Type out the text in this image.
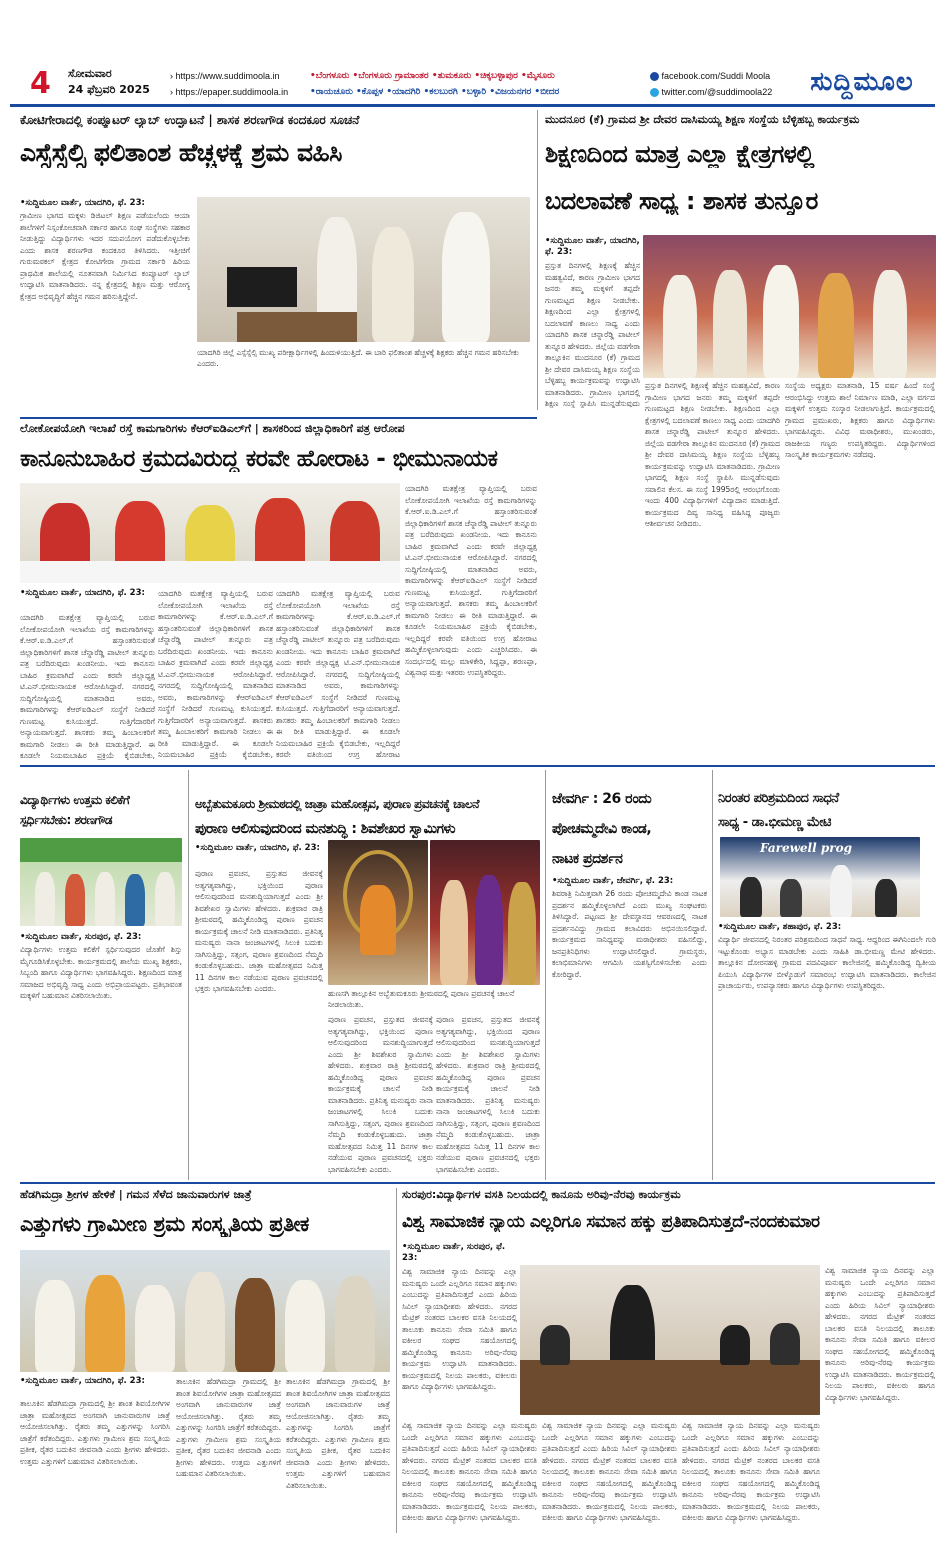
4 ಸೋಮವಾರ
24 ಫೆಬ್ರವರಿ 2025
› https://www.suddimoola.in
› https://epaper.suddimoola.in
•ಬೆಂಗಳೂರು •ಬೆಂಗಳೂರು ಗ್ರಾಮಾಂತರ •ತುಮಕೂರು •ಚಿಕ್ಕಬಳ್ಳಾಪುರ •ಮೈಸೂರು
•ರಾಯಚೂರು •ಕೊಪ್ಪಳ •ಯಾದಗಿರಿ •ಕಲಬುರಗಿ •ಬಳ್ಳಾರಿ •ವಿಜಯನಗರ •ಬೀದರ
facebook.com/Suddi Moola
twitter.com/@suddimoola22	ಸುದ್ದಿಮೂಲ
ಕೋಟಿಗೇರಾದಲ್ಲಿ ಕಂಪ್ಯೂಟರ್ ಲ್ಯಾಬ್ ಉದ್ಘಾಟನೆ | ಶಾಸಕ ಶರಣಗೌಡ ಕಂದಕೂರ ಸೂಚನೆ
ಎಸ್ಸೆಸ್ಸೆಲ್ಸಿ ಫಲಿತಾಂಶ ಹೆಚ್ಚಳಕ್ಕೆ ಶ್ರಮ ವಹಿಸಿ
•ಸುದ್ದಿಮೂಲ ವಾರ್ತೆ, ಯಾದಗಿರಿ, ಫೆ. 23:
ಗ್ರಾಮೀಣ ಭಾಗದ ಮಕ್ಕಳು ಡಿಜಿಟಲ್ ಶಿಕ್ಷಣ ಪಡೆಯಲೆಂದು ಆಯಾ ಶಾಲೆಗಳಿಗೆ ನಿಸ್ಸಂಕೋಚವಾಗಿ ಸರ್ಕಾರ ಹಾಗೂ ಸಂಘ ಸಂಸ್ಥೆಗಳು ಸಹಕಾರ ನೀಡುತ್ತಿದ್ದು ವಿದ್ಯಾರ್ಥಿಗಳು ಇದರ ಸದುಪಯೋಗ ಪಡೆದುಕೊಳ್ಳಬೇಕು ಎಂದು ಶಾಸಕ ಶರಣಗೌಡ ಕಂದಕೂರ ತಿಳಿಸಿದರು. ಇತ್ತೀಚಿಗೆ ಗುರುಮಠಕಲ್ ಕ್ಷೇತ್ರದ ಕೋಟಿಗೇರಾ ಗ್ರಾಮದ ಸರ್ಕಾರಿ ಹಿರಿಯ ಪ್ರಾಥಮಿಕ ಶಾಲೆಯಲ್ಲಿ ನೂತನವಾಗಿ ನಿರ್ಮಿಸಿದ ಕಂಪ್ಯೂಟರ್ ಲ್ಯಾಬ್ ಉದ್ಘಾಟಿಸಿ ಮಾತನಾಡಿದರು. ನನ್ನ ಕ್ಷೇತ್ರದಲ್ಲಿ ಶಿಕ್ಷಣ ಮತ್ತು ಆರೋಗ್ಯ ಕ್ಷೇತ್ರದ ಅಭಿವೃದ್ಧಿಗೆ ಹೆಚ್ಚಿನ ಗಮನ ಹರಿಸುತ್ತಿದ್ದೇನೆ.
ಯಾದಗಿರಿ ಜಿಲ್ಲೆ ಎಸ್ಸೆಸ್ಸೆಲ್ಸಿ ಮುಖ್ಯ ಪರೀಕ್ಷಾರ್ಥಿಗಳಲ್ಲಿ ಹಿಂದುಳಿಯುತ್ತಿದೆ. ಈ ಬಾರಿ ಫಲಿತಾಂಶ ಹೆಚ್ಚಳಕ್ಕೆ ಶಿಕ್ಷಕರು ಹೆಚ್ಚಿನ ಗಮನ ಹರಿಸಬೇಕು ಎಂದರು.
ಮುದನೂರ (ಕೆ) ಗ್ರಾಮದ ಶ್ರೀ ದೇವರ ದಾಸಿಮಯ್ಯ ಶಿಕ್ಷಣ ಸಂಸ್ಥೆಯ ಬೆಳ್ಳಿಹಬ್ಬ ಕಾರ್ಯಕ್ರಮ
ಶಿಕ್ಷಣದಿಂದ ಮಾತ್ರ ಎಲ್ಲಾ ಕ್ಷೇತ್ರಗಳಲ್ಲಿ
ಬದಲಾವಣೆ ಸಾಧ್ಯ : ಶಾಸಕ ತುನ್ನೂರ
•ಸುದ್ದಿಮೂಲ ವಾರ್ತೆ, ಯಾದಗಿರಿ, ಫೆ. 23:
ಪ್ರಸ್ತುತ ದಿನಗಳಲ್ಲಿ ಶಿಕ್ಷಣಕ್ಕೆ ಹೆಚ್ಚಿನ ಮಹತ್ವವಿದೆ, ಕಾರಣ ಗ್ರಾಮೀಣ ಭಾಗದ ಜನರು ತಮ್ಮ ಮಕ್ಕಳಿಗೆ ತಪ್ಪದೇ ಗುಣಮಟ್ಟದ ಶಿಕ್ಷಣ ನೀಡಬೇಕು. ಶಿಕ್ಷಣದಿಂದ ಎಲ್ಲಾ ಕ್ಷೇತ್ರಗಳಲ್ಲಿ ಬದಲಾವಣೆ ಕಾಣಲು ಸಾಧ್ಯ ಎಂದು ಯಾದಗಿರಿ ಶಾಸಕ ಚನ್ನಾರೆಡ್ಡಿ ಪಾಟೀಲ್ ತುನ್ನೂರ ಹೇಳಿದರು. ಜಿಲ್ಲೆಯ ವಡಗೇರಾ ತಾಲ್ಲೂಕಿನ ಮುದನೂರ (ಕೆ) ಗ್ರಾಮದ ಶ್ರೀ ದೇವರ ದಾಸಿಮಯ್ಯ ಶಿಕ್ಷಣ ಸಂಸ್ಥೆಯ ಬೆಳ್ಳಿಹಬ್ಬ ಕಾರ್ಯಕ್ರಮವನ್ನು ಉದ್ಘಾಟಿಸಿ ಮಾತನಾಡಿದರು. ಗ್ರಾಮೀಣ ಭಾಗದಲ್ಲಿ ಶಿಕ್ಷಣ ಸಂಸ್ಥೆ ಸ್ಥಾಪಿಸಿ ಮುನ್ನಡೆಸುವುದು
ಪ್ರಸ್ತುತ ದಿನಗಳಲ್ಲಿ ಶಿಕ್ಷಣಕ್ಕೆ ಹೆಚ್ಚಿನ ಮಹತ್ವವಿದೆ, ಕಾರಣ ಗ್ರಾಮೀಣ ಭಾಗದ ಜನರು ತಮ್ಮ ಮಕ್ಕಳಿಗೆ ತಪ್ಪದೇ ಗುಣಮಟ್ಟದ ಶಿಕ್ಷಣ ನೀಡಬೇಕು. ಶಿಕ್ಷಣದಿಂದ ಎಲ್ಲಾ ಕ್ಷೇತ್ರಗಳಲ್ಲಿ ಬದಲಾವಣೆ ಕಾಣಲು ಸಾಧ್ಯ ಎಂದು ಯಾದಗಿರಿ ಶಾಸಕ ಚನ್ನಾರೆಡ್ಡಿ ಪಾಟೀಲ್ ತುನ್ನೂರ ಹೇಳಿದರು. ಜಿಲ್ಲೆಯ ವಡಗೇರಾ ತಾಲ್ಲೂಕಿನ ಮುದನೂರ (ಕೆ) ಗ್ರಾಮದ ಶ್ರೀ ದೇವರ ದಾಸಿಮಯ್ಯ ಶಿಕ್ಷಣ ಸಂಸ್ಥೆಯ ಬೆಳ್ಳಿಹಬ್ಬ ಕಾರ್ಯಕ್ರಮವನ್ನು ಉದ್ಘಾಟಿಸಿ ಮಾತನಾಡಿದರು. ಗ್ರಾಮೀಣ ಭಾಗದಲ್ಲಿ ಶಿಕ್ಷಣ ಸಂಸ್ಥೆ ಸ್ಥಾಪಿಸಿ ಮುನ್ನಡೆಸುವುದು ಸವಾಲಿನ ಕೆಲಸ. ಈ ಸಂಸ್ಥೆ 1995ರಲ್ಲಿ ಆರಂಭಗೊಂಡು ಇಂದು 400 ವಿದ್ಯಾರ್ಥಿಗಳಿಗೆ ವಿದ್ಯಾದಾನ ಮಾಡುತ್ತಿದೆ. ಕಾರ್ಯಕ್ರಮದ ದಿವ್ಯ ಸಾನಿಧ್ಯ ವಹಿಸಿದ್ದ ಪೂಜ್ಯರು ಆಶೀರ್ವಚನ ನೀಡಿದರು.
ಸಂಸ್ಥೆಯ ಅಧ್ಯಕ್ಷರು ಮಾತನಾಡಿ, 15 ವರ್ಷ ಹಿಂದೆ ಸಂಸ್ಥೆ ಆರಂಭಿಸಿದ್ದು ಉತ್ತಮ ಶಾಲೆ ನಿರ್ಮಾಣ ಮಾಡಿ, ಎಲ್ಲಾ ವರ್ಗದ ಮಕ್ಕಳಿಗೆ ಉತ್ತಮ ಸಂಸ್ಕಾರ ನೀಡಲಾಗುತ್ತಿದೆ. ಕಾರ್ಯಕ್ರಮದಲ್ಲಿ ಗ್ರಾಮದ ಪ್ರಮುಖರು, ಶಿಕ್ಷಕರು ಹಾಗೂ ವಿದ್ಯಾರ್ಥಿಗಳು ಭಾಗವಹಿಸಿದ್ದರು. ವಿವಿಧ ಮಠಾಧೀಶರು, ಮುಖಂಡರು, ರಾಜಕೀಯ ಗಣ್ಯರು ಉಪಸ್ಥಿತರಿದ್ದರು. ವಿದ್ಯಾರ್ಥಿಗಳಿಂದ ಸಾಂಸ್ಕೃತಿಕ ಕಾರ್ಯಕ್ರಮಗಳು ನಡೆದವು.
ಲೋಕೋಪಯೋಗಿ ಇಲಾಖೆ ರಸ್ತೆ ಕಾಮಗಾರಿಗಳು ಕೆಆರ್‌ಐಡಿಎಲ್‌ಗೆ | ಶಾಸಕರಿಂದ ಜಿಲ್ಲಾಧಿಕಾರಿಗೆ ಪತ್ರ ಆರೋಪ
ಕಾನೂನುಬಾಹಿರ ಕ್ರಮದವಿರುದ್ಧ ಕರವೇ ಹೋರಾಟ - ಭೀಮುನಾಯಕ
•ಸುದ್ದಿಮೂಲ ವಾರ್ತೆ, ಯಾದಗಿರಿ, ಫೆ. 23:
ಯಾದಗಿರಿ ಮತಕ್ಷೇತ್ರ ವ್ಯಾಪ್ತಿಯಲ್ಲಿ ಬರುವ ಲೋಕೋಪಯೋಗಿ ಇಲಾಖೆಯ ರಸ್ತೆ ಕಾಮಗಾರಿಗಳನ್ನು ಕೆ.ಆರ್.ಐ.ಡಿ.ಎಲ್.ಗೆ ಹಸ್ತಾಂತರಿಸುವಂತೆ ಜಿಲ್ಲಾಧಿಕಾರಿಗಳಿಗೆ ಶಾಸಕ ಚೆನ್ನಾರೆಡ್ಡಿ ಪಾಟೀಲ್ ತುನ್ನೂರು ಪತ್ರ ಬರೆದಿರುವುದು ಖಂಡನೀಯ. ಇದು ಕಾನೂನು ಬಾಹಿರ ಕ್ರಮವಾಗಿದೆ ಎಂದು ಕರವೇ ಜಿಲ್ಲಾಧ್ಯಕ್ಷ ಟಿ.ಎನ್.ಭೀಮುನಾಯಕ ಆರೋಪಿಸಿದ್ದಾರೆ. ನಗರದಲ್ಲಿ ಸುದ್ದಿಗೋಷ್ಠಿಯಲ್ಲಿ ಮಾತನಾಡಿದ ಅವರು, ಕಾಮಗಾರಿಗಳನ್ನು ಕೆಆರ್‌ಐಡಿಎಲ್ ಸಂಸ್ಥೆಗೆ ನೀಡಿದರೆ ಗುಣಮಟ್ಟ ಕುಸಿಯುತ್ತದೆ. ಗುತ್ತಿಗೆದಾರರಿಗೆ ಅನ್ಯಾಯವಾಗುತ್ತದೆ. ಶಾಸಕರು ತಮ್ಮ ಹಿಂಬಾಲಕರಿಗೆ ಕಾಮಗಾರಿ ನೀಡಲು ಈ ರೀತಿ ಮಾಡುತ್ತಿದ್ದಾರೆ. ಈ ಕೂಡಲೇ ನಿಯಮಬಾಹಿರ ಪ್ರಕ್ರಿಯೆ ಕೈಬಿಡಬೇಕು,
ಯಾದಗಿರಿ ಮತಕ್ಷೇತ್ರ ವ್ಯಾಪ್ತಿಯಲ್ಲಿ ಬರುವ ಲೋಕೋಪಯೋಗಿ ಇಲಾಖೆಯ ರಸ್ತೆ ಕಾಮಗಾರಿಗಳನ್ನು ಕೆ.ಆರ್.ಐ.ಡಿ.ಎಲ್.ಗೆ ಹಸ್ತಾಂತರಿಸುವಂತೆ ಜಿಲ್ಲಾಧಿಕಾರಿಗಳಿಗೆ ಶಾಸಕ ಚೆನ್ನಾರೆಡ್ಡಿ ಪಾಟೀಲ್ ತುನ್ನೂರು ಪತ್ರ ಬರೆದಿರುವುದು ಖಂಡನೀಯ. ಇದು ಕಾನೂನು ಬಾಹಿರ ಕ್ರಮವಾಗಿದೆ ಎಂದು ಕರವೇ ಜಿಲ್ಲಾಧ್ಯಕ್ಷ ಟಿ.ಎನ್.ಭೀಮುನಾಯಕ ಆರೋಪಿಸಿದ್ದಾರೆ. ನಗರದಲ್ಲಿ ಸುದ್ದಿಗೋಷ್ಠಿಯಲ್ಲಿ ಮಾತನಾಡಿದ ಅವರು, ಕಾಮಗಾರಿಗಳನ್ನು ಕೆಆರ್‌ಐಡಿಎಲ್ ಸಂಸ್ಥೆಗೆ ನೀಡಿದರೆ ಗುಣಮಟ್ಟ ಕುಸಿಯುತ್ತದೆ. ಗುತ್ತಿಗೆದಾರರಿಗೆ ಅನ್ಯಾಯವಾಗುತ್ತದೆ. ಶಾಸಕರು ತಮ್ಮ ಹಿಂಬಾಲಕರಿಗೆ ಕಾಮಗಾರಿ ನೀಡಲು ಈ ರೀತಿ ಮಾಡುತ್ತಿದ್ದಾರೆ. ಈ ಕೂಡಲೇ ನಿಯಮಬಾಹಿರ ಪ್ರಕ್ರಿಯೆ ಕೈಬಿಡಬೇಕು,
ಯಾದಗಿರಿ ಮತಕ್ಷೇತ್ರ ವ್ಯಾಪ್ತಿಯಲ್ಲಿ ಬರುವ ಲೋಕೋಪಯೋಗಿ ಇಲಾಖೆಯ ರಸ್ತೆ ಕಾಮಗಾರಿಗಳನ್ನು ಕೆ.ಆರ್.ಐ.ಡಿ.ಎಲ್.ಗೆ ಹಸ್ತಾಂತರಿಸುವಂತೆ ಜಿಲ್ಲಾಧಿಕಾರಿಗಳಿಗೆ ಶಾಸಕ ಚೆನ್ನಾರೆಡ್ಡಿ ಪಾಟೀಲ್ ತುನ್ನೂರು ಪತ್ರ ಬರೆದಿರುವುದು ಖಂಡನೀಯ. ಇದು ಕಾನೂನು ಬಾಹಿರ ಕ್ರಮವಾಗಿದೆ ಎಂದು ಕರವೇ ಜಿಲ್ಲಾಧ್ಯಕ್ಷ ಟಿ.ಎನ್.ಭೀಮುನಾಯಕ ಆರೋಪಿಸಿದ್ದಾರೆ. ನಗರದಲ್ಲಿ ಸುದ್ದಿಗೋಷ್ಠಿಯಲ್ಲಿ ಮಾತನಾಡಿದ ಅವರು, ಕಾಮಗಾರಿಗಳನ್ನು ಕೆಆರ್‌ಐಡಿಎಲ್ ಸಂಸ್ಥೆಗೆ ನೀಡಿದರೆ ಗುಣಮಟ್ಟ ಕುಸಿಯುತ್ತದೆ. ಗುತ್ತಿಗೆದಾರರಿಗೆ ಅನ್ಯಾಯವಾಗುತ್ತದೆ. ಶಾಸಕರು ತಮ್ಮ ಹಿಂಬಾಲಕರಿಗೆ ಕಾಮಗಾರಿ ನೀಡಲು ಈ ರೀತಿ ಮಾಡುತ್ತಿದ್ದಾರೆ. ಈ ಕೂಡಲೇ ನಿಯಮಬಾಹಿರ ಪ್ರಕ್ರಿಯೆ ಕೈಬಿಡಬೇಕು, ಇಲ್ಲದಿದ್ದರೆ ಕರವೇ ವತಿಯಿಂದ ಉಗ್ರ ಹೋರಾಟ
ಯಾದಗಿರಿ ಮತಕ್ಷೇತ್ರ ವ್ಯಾಪ್ತಿಯಲ್ಲಿ ಬರುವ ಲೋಕೋಪಯೋಗಿ ಇಲಾಖೆಯ ರಸ್ತೆ ಕಾಮಗಾರಿಗಳನ್ನು ಕೆ.ಆರ್.ಐ.ಡಿ.ಎಲ್.ಗೆ ಹಸ್ತಾಂತರಿಸುವಂತೆ ಜಿಲ್ಲಾಧಿಕಾರಿಗಳಿಗೆ ಶಾಸಕ ಚೆನ್ನಾರೆಡ್ಡಿ ಪಾಟೀಲ್ ತುನ್ನೂರು ಪತ್ರ ಬರೆದಿರುವುದು ಖಂಡನೀಯ. ಇದು ಕಾನೂನು ಬಾಹಿರ ಕ್ರಮವಾಗಿದೆ ಎಂದು ಕರವೇ ಜಿಲ್ಲಾಧ್ಯಕ್ಷ ಟಿ.ಎನ್.ಭೀಮುನಾಯಕ ಆರೋಪಿಸಿದ್ದಾರೆ. ನಗರದಲ್ಲಿ ಸುದ್ದಿಗೋಷ್ಠಿಯಲ್ಲಿ ಮಾತನಾಡಿದ ಅವರು, ಕಾಮಗಾರಿಗಳನ್ನು ಕೆಆರ್‌ಐಡಿಎಲ್ ಸಂಸ್ಥೆಗೆ ನೀಡಿದರೆ ಗುಣಮಟ್ಟ ಕುಸಿಯುತ್ತದೆ. ಗುತ್ತಿಗೆದಾರರಿಗೆ ಅನ್ಯಾಯವಾಗುತ್ತದೆ. ಶಾಸಕರು ತಮ್ಮ ಹಿಂಬಾಲಕರಿಗೆ ಕಾಮಗಾರಿ ನೀಡಲು ಈ ರೀತಿ ಮಾಡುತ್ತಿದ್ದಾರೆ. ಈ ಕೂಡಲೇ ನಿಯಮಬಾಹಿರ ಪ್ರಕ್ರಿಯೆ ಕೈಬಿಡಬೇಕು, ಇಲ್ಲದಿದ್ದರೆ ಕರವೇ ವತಿಯಿಂದ ಉಗ್ರ ಹೋರಾಟ ಹಮ್ಮಿಕೊಳ್ಳಲಾಗುವುದು ಎಂದು ಎಚ್ಚರಿಸಿದರು. ಈ ಸಂದರ್ಭದಲ್ಲಿ ಮಲ್ಲು ಮಾಳಿಕೇರಿ, ಸಿದ್ದಪ್ಪಾ, ಶರಣಪ್ಪಾ, ವಿಶ್ವನಾಥ ಮತ್ತು ಇತರರು ಉಪಸ್ಥಿತರಿದ್ದರು.
ವಿದ್ಯಾರ್ಥಿಗಳು ಉತ್ತಮ ಕಲಿಕೆಗೆ ಸ್ಪರ್ಧಿಸಬೇಕು: ಶರಣಗೌಡ
•ಸುದ್ದಿಮೂಲ ವಾರ್ತೆ, ಸುರಪುರ, ಫೆ. 23:
ವಿದ್ಯಾರ್ಥಿಗಳು ಉತ್ತಮ ಕಲಿಕೆಗೆ ಸ್ಪರ್ಧಿಸುವುದರ ಜೊತೆಗೆ ಶಿಸ್ತು ಮೈಗೂಡಿಸಿಕೊಳ್ಳಬೇಕು. ಕಾರ್ಯಕ್ರಮದಲ್ಲಿ ಶಾಲೆಯ ಮುಖ್ಯ ಶಿಕ್ಷಕರು, ಸಿಬ್ಬಂದಿ ಹಾಗೂ ವಿದ್ಯಾರ್ಥಿಗಳು ಭಾಗವಹಿಸಿದ್ದರು. ಶಿಕ್ಷಣದಿಂದ ಮಾತ್ರ ಸಮಾಜದ ಅಭಿವೃದ್ಧಿ ಸಾಧ್ಯ ಎಂದು ಅಭಿಪ್ರಾಯಪಟ್ಟರು. ಪ್ರತಿಭಾವಂತ ಮಕ್ಕಳಿಗೆ ಬಹುಮಾನ ವಿತರಿಸಲಾಯಿತು.
ಅಬ್ಬೆತುಮಕೂರು ಶ್ರೀಮಠದಲ್ಲಿ ಜಾತ್ರಾ ಮಹೋತ್ಸವ, ಪುರಾಣ ಪ್ರವಚನಕ್ಕೆ ಚಾಲನೆ
ಪುರಾಣ ಆಲಿಸುವುದರಿಂದ ಮನಶುದ್ಧಿ : ಶಿವಶೇಖರ ಸ್ವಾಮಿಗಳು
•ಸುದ್ದಿಮೂಲ ವಾರ್ತೆ, ಯಾದಗಿರಿ, ಫೆ. 23:
ಪುರಾಣ ಪ್ರವಚನ, ಪ್ರಸ್ತುತದ ಜೀವನಕ್ಕೆ ಅತ್ಯಗತ್ಯವಾಗಿದ್ದು, ಭಕ್ತಿಯಿಂದ ಪುರಾಣ ಆಲಿಸುವುದರಿಂದ ಮನಶುದ್ಧಿಯಾಗುತ್ತದೆ ಎಂದು ಶ್ರೀ ಶಿವಶೇಖರ ಸ್ವಾಮಿಗಳು ಹೇಳಿದರು. ಶುಕ್ರವಾರ ರಾತ್ರಿ ಶ್ರೀಮಠದಲ್ಲಿ ಹಮ್ಮಿಕೊಂಡಿದ್ದ ಪುರಾಣ ಪ್ರವಚನ ಕಾರ್ಯಕ್ರಮಕ್ಕೆ ಚಾಲನೆ ನೀಡಿ ಮಾತನಾಡಿದರು. ಪ್ರತಿನಿತ್ಯ ಮನುಷ್ಯರು ನಾನಾ ಜಂಜಾಟಗಳಲ್ಲಿ ಸಿಲುಕಿ ಬದುಕು ಸಾಗಿಸುತ್ತಿದ್ದು, ಸತ್ಸಂಗ, ಪುರಾಣ ಶ್ರವಣದಿಂದ ನೆಮ್ಮದಿ ಕಂಡುಕೊಳ್ಳಬಹುದು. ಜಾತ್ರಾ ಮಹೋತ್ಸವದ ನಿಮಿತ್ತ 11 ದಿನಗಳ ಕಾಲ ನಡೆಯುವ ಪುರಾಣ ಪ್ರವಚನದಲ್ಲಿ ಭಕ್ತರು ಭಾಗವಹಿಸಬೇಕು ಎಂದರು.
ಹುಣಸಗಿ ತಾಲ್ಲೂಕಿನ ಅಬ್ಬೆತುಮಕೂರು ಶ್ರೀಮಠದಲ್ಲಿ ಪುರಾಣ ಪ್ರವಚನಕ್ಕೆ ಚಾಲನೆ ನೀಡಲಾಯಿತು.
ಪುರಾಣ ಪ್ರವಚನ, ಪ್ರಸ್ತುತದ ಜೀವನಕ್ಕೆ ಅತ್ಯಗತ್ಯವಾಗಿದ್ದು, ಭಕ್ತಿಯಿಂದ ಪುರಾಣ ಆಲಿಸುವುದರಿಂದ ಮನಶುದ್ಧಿಯಾಗುತ್ತದೆ ಎಂದು ಶ್ರೀ ಶಿವಶೇಖರ ಸ್ವಾಮಿಗಳು ಹೇಳಿದರು. ಶುಕ್ರವಾರ ರಾತ್ರಿ ಶ್ರೀಮಠದಲ್ಲಿ ಹಮ್ಮಿಕೊಂಡಿದ್ದ ಪುರಾಣ ಪ್ರವಚನ ಕಾರ್ಯಕ್ರಮಕ್ಕೆ ಚಾಲನೆ ನೀಡಿ ಮಾತನಾಡಿದರು. ಪ್ರತಿನಿತ್ಯ ಮನುಷ್ಯರು ನಾನಾ ಜಂಜಾಟಗಳಲ್ಲಿ ಸಿಲುಕಿ ಬದುಕು ಸಾಗಿಸುತ್ತಿದ್ದು, ಸತ್ಸಂಗ, ಪುರಾಣ ಶ್ರವಣದಿಂದ ನೆಮ್ಮದಿ ಕಂಡುಕೊಳ್ಳಬಹುದು. ಜಾತ್ರಾ ಮಹೋತ್ಸವದ ನಿಮಿತ್ತ 11 ದಿನಗಳ ಕಾಲ ನಡೆಯುವ ಪುರಾಣ ಪ್ರವಚನದಲ್ಲಿ ಭಕ್ತರು ಭಾಗವಹಿಸಬೇಕು ಎಂದರು.
ಪುರಾಣ ಪ್ರವಚನ, ಪ್ರಸ್ತುತದ ಜೀವನಕ್ಕೆ ಅತ್ಯಗತ್ಯವಾಗಿದ್ದು, ಭಕ್ತಿಯಿಂದ ಪುರಾಣ ಆಲಿಸುವುದರಿಂದ ಮನಶುದ್ಧಿಯಾಗುತ್ತದೆ ಎಂದು ಶ್ರೀ ಶಿವಶೇಖರ ಸ್ವಾಮಿಗಳು ಹೇಳಿದರು. ಶುಕ್ರವಾರ ರಾತ್ರಿ ಶ್ರೀಮಠದಲ್ಲಿ ಹಮ್ಮಿಕೊಂಡಿದ್ದ ಪುರಾಣ ಪ್ರವಚನ ಕಾರ್ಯಕ್ರಮಕ್ಕೆ ಚಾಲನೆ ನೀಡಿ ಮಾತನಾಡಿದರು. ಪ್ರತಿನಿತ್ಯ ಮನುಷ್ಯರು ನಾನಾ ಜಂಜಾಟಗಳಲ್ಲಿ ಸಿಲುಕಿ ಬದುಕು ಸಾಗಿಸುತ್ತಿದ್ದು, ಸತ್ಸಂಗ, ಪುರಾಣ ಶ್ರವಣದಿಂದ ನೆಮ್ಮದಿ ಕಂಡುಕೊಳ್ಳಬಹುದು. ಜಾತ್ರಾ ಮಹೋತ್ಸವದ ನಿಮಿತ್ತ 11 ದಿನಗಳ ಕಾಲ ನಡೆಯುವ ಪುರಾಣ ಪ್ರವಚನದಲ್ಲಿ ಭಕ್ತರು ಭಾಗವಹಿಸಬೇಕು ಎಂದರು.
ಜೇವರ್ಗಿ : 26 ರಂದು
ಪೋಚಮ್ಮದೇವಿ ಕಾಂಡ,
ನಾಟಕ ಪ್ರದರ್ಶನ
•ಸುದ್ದಿಮೂಲ ವಾರ್ತೆ, ಜೇವರ್ಗಿ, ಫೆ. 23:
ಶಿವರಾತ್ರಿ ನಿಮಿತ್ತವಾಗಿ 26 ರಂದು ಪೋಚಮ್ಮದೇವಿ ಕಾಂಡ ನಾಟಕ ಪ್ರದರ್ಶನ ಹಮ್ಮಿಕೊಳ್ಳಲಾಗಿದೆ ಎಂದು ಮುಖ್ಯ ಸಂಘಟಕರು ತಿಳಿಸಿದ್ದಾರೆ. ಪಟ್ಟಣದ ಶ್ರೀ ದೇವಸ್ಥಾನದ ಆವರಣದಲ್ಲಿ ನಾಟಕ ಪ್ರದರ್ಶನವಿದ್ದು ಗ್ರಾಮದ ಕಲಾವಿದರು ಅಭಿನಯಿಸಲಿದ್ದಾರೆ. ಕಾರ್ಯಕ್ರಮದ ಸಾನಿಧ್ಯವನ್ನು ಮಠಾಧೀಶರು ವಹಿಸಲಿದ್ದು, ಜನಪ್ರತಿನಿಧಿಗಳು ಉದ್ಘಾಟಿಸಲಿದ್ದಾರೆ. ಗ್ರಾಮಸ್ಥರು, ಕಲಾಭಿಮಾನಿಗಳು ಆಗಮಿಸಿ ಯಶಸ್ವಿಗೊಳಿಸಬೇಕು ಎಂದು ಕೋರಿದ್ದಾರೆ.
ನಿರಂತರ ಪರಿಶ್ರಮದಿಂದ ಸಾಧನೆ
ಸಾಧ್ಯ - ಡಾ.ಭೀಮಣ್ಣ ಮೇಟಿ
Farewell prog
•ಸುದ್ದಿಮೂಲ ವಾರ್ತೆ, ಶಹಾಪುರ, ಫೆ. 23:
ವಿದ್ಯಾರ್ಥಿ ಜೀವನದಲ್ಲಿ ನಿರಂತರ ಪರಿಶ್ರಮದಿಂದ ಸಾಧನೆ ಸಾಧ್ಯ. ಆದ್ದರಿಂದ ಈಗಿನಿಂದಲೇ ಗುರಿ ಇಟ್ಟುಕೊಂಡು ಅಭ್ಯಾಸ ಮಾಡಬೇಕು ಎಂದು ಸಾಹಿತಿ ಡಾ.ಭೀಮಣ್ಣ ಮೇಟಿ ಹೇಳಿದರು. ತಾಲ್ಲೂಕಿನ ದೋರನಹಳ್ಳಿ ಗ್ರಾಮದ ಪದವಿಪೂರ್ವ ಕಾಲೇಜಿನಲ್ಲಿ ಹಮ್ಮಿಕೊಂಡಿದ್ದ ದ್ವಿತೀಯ ಪಿಯುಸಿ ವಿದ್ಯಾರ್ಥಿಗಳ ಬೀಳ್ಕೊಡುಗೆ ಸಮಾರಂಭ ಉದ್ಘಾಟಿಸಿ ಮಾತನಾಡಿದರು. ಕಾಲೇಜಿನ ಪ್ರಾಚಾರ್ಯರು, ಉಪನ್ಯಾಸಕರು ಹಾಗೂ ವಿದ್ಯಾರ್ಥಿಗಳು ಉಪಸ್ಥಿತರಿದ್ದರು.
ಹೆಡಗಿಮದ್ರಾ ಶ್ರೀಗಳ ಹೇಳಿಕೆ | ಗಮನ ಸೆಳೆದ ಜಾನುವಾರುಗಳ ಜಾತ್ರೆ
ಎತ್ತುಗಳು ಗ್ರಾಮೀಣ ಶ್ರಮ ಸಂಸ್ಕೃತಿಯ ಪ್ರತೀಕ
•ಸುದ್ದಿಮೂಲ ವಾರ್ತೆ, ಯಾದಗಿರಿ, ಫೆ. 23:
ತಾಲೂಕಿನ ಹೆಡಗಿಮದ್ರಾ ಗ್ರಾಮದಲ್ಲಿ ಶ್ರೀ ಶಾಂತ ಶಿವಯೋಗಿಗಳ ಜಾತ್ರಾ ಮಹೋತ್ಸವದ ಅಂಗವಾಗಿ ಜಾನುವಾರುಗಳ ಜಾತ್ರೆ ಆಯೋಜಿಸಲಾಗಿತ್ತು. ರೈತರು ತಮ್ಮ ಎತ್ತುಗಳನ್ನು ಸಿಂಗರಿಸಿ ಜಾತ್ರೆಗೆ ಕರೆತಂದಿದ್ದರು. ಎತ್ತುಗಳು ಗ್ರಾಮೀಣ ಶ್ರಮ ಸಂಸ್ಕೃತಿಯ ಪ್ರತೀಕ, ರೈತರ ಬದುಕಿನ ಜೀವನಾಡಿ ಎಂದು ಶ್ರೀಗಳು ಹೇಳಿದರು. ಉತ್ತಮ ಎತ್ತುಗಳಿಗೆ ಬಹುಮಾನ ವಿತರಿಸಲಾಯಿತು.
ತಾಲೂಕಿನ ಹೆಡಗಿಮದ್ರಾ ಗ್ರಾಮದಲ್ಲಿ ಶ್ರೀ ಶಾಂತ ಶಿವಯೋಗಿಗಳ ಜಾತ್ರಾ ಮಹೋತ್ಸವದ ಅಂಗವಾಗಿ ಜಾನುವಾರುಗಳ ಜಾತ್ರೆ ಆಯೋಜಿಸಲಾಗಿತ್ತು. ರೈತರು ತಮ್ಮ ಎತ್ತುಗಳನ್ನು ಸಿಂಗರಿಸಿ ಜಾತ್ರೆಗೆ ಕರೆತಂದಿದ್ದರು. ಎತ್ತುಗಳು ಗ್ರಾಮೀಣ ಶ್ರಮ ಸಂಸ್ಕೃತಿಯ ಪ್ರತೀಕ, ರೈತರ ಬದುಕಿನ ಜೀವನಾಡಿ ಎಂದು ಶ್ರೀಗಳು ಹೇಳಿದರು. ಉತ್ತಮ ಎತ್ತುಗಳಿಗೆ ಬಹುಮಾನ ವಿತರಿಸಲಾಯಿತು.
ತಾಲೂಕಿನ ಹೆಡಗಿಮದ್ರಾ ಗ್ರಾಮದಲ್ಲಿ ಶ್ರೀ ಶಾಂತ ಶಿವಯೋಗಿಗಳ ಜಾತ್ರಾ ಮಹೋತ್ಸವದ ಅಂಗವಾಗಿ ಜಾನುವಾರುಗಳ ಜಾತ್ರೆ ಆಯೋಜಿಸಲಾಗಿತ್ತು. ರೈತರು ತಮ್ಮ ಎತ್ತುಗಳನ್ನು ಸಿಂಗರಿಸಿ ಜಾತ್ರೆಗೆ ಕರೆತಂದಿದ್ದರು. ಎತ್ತುಗಳು ಗ್ರಾಮೀಣ ಶ್ರಮ ಸಂಸ್ಕೃತಿಯ ಪ್ರತೀಕ, ರೈತರ ಬದುಕಿನ ಜೀವನಾಡಿ ಎಂದು ಶ್ರೀಗಳು ಹೇಳಿದರು. ಉತ್ತಮ ಎತ್ತುಗಳಿಗೆ ಬಹುಮಾನ ವಿತರಿಸಲಾಯಿತು.
ಸುರಪುರ:ವಿದ್ಯಾರ್ಥಿಗಳ ವಸತಿ ನಿಲಯದಲ್ಲಿ ಕಾನೂನು ಅರಿವು-ನೆರವು ಕಾರ್ಯಕ್ರಮ
ವಿಶ್ವ ಸಾಮಾಜಿಕ ನ್ಯಾಯ ಎಲ್ಲರಿಗೂ ಸಮಾನ ಹಕ್ಕು ಪ್ರತಿಪಾದಿಸುತ್ತದೆ-ನಂದಕುಮಾರ
•ಸುದ್ದಿಮೂಲ ವಾರ್ತೆ, ಸುರಪುರ, ಫೆ. 23:
ವಿಶ್ವ ಸಾಮಾಜಿಕ ನ್ಯಾಯ ದಿನವನ್ನು ಎಲ್ಲಾ ಮನುಷ್ಯರು ಒಂದೇ ಎಲ್ಲರಿಗೂ ಸಮಾನ ಹಕ್ಕುಗಳು ಎಂಬುದನ್ನು ಪ್ರತಿಪಾದಿಸುತ್ತದೆ ಎಂದು ಹಿರಿಯ ಸಿವಿಲ್ ನ್ಯಾಯಾಧೀಶರು ಹೇಳಿದರು. ನಗರದ ಮೆಟ್ರಿಕ್ ನಂತರದ ಬಾಲಕರ ವಸತಿ ನಿಲಯದಲ್ಲಿ ತಾಲೂಕು ಕಾನೂನು ಸೇವಾ ಸಮಿತಿ ಹಾಗೂ ವಕೀಲರ ಸಂಘದ ಸಹಯೋಗದಲ್ಲಿ ಹಮ್ಮಿಕೊಂಡಿದ್ದ ಕಾನೂನು ಅರಿವು-ನೆರವು ಕಾರ್ಯಕ್ರಮ ಉದ್ಘಾಟಿಸಿ ಮಾತನಾಡಿದರು. ಕಾರ್ಯಕ್ರಮದಲ್ಲಿ ನಿಲಯ ಪಾಲಕರು, ವಕೀಲರು ಹಾಗೂ ವಿದ್ಯಾರ್ಥಿಗಳು ಭಾಗವಹಿಸಿದ್ದರು.
ವಿಶ್ವ ಸಾಮಾಜಿಕ ನ್ಯಾಯ ದಿನವನ್ನು ಎಲ್ಲಾ ಮನುಷ್ಯರು ಒಂದೇ ಎಲ್ಲರಿಗೂ ಸಮಾನ ಹಕ್ಕುಗಳು ಎಂಬುದನ್ನು ಪ್ರತಿಪಾದಿಸುತ್ತದೆ ಎಂದು ಹಿರಿಯ ಸಿವಿಲ್ ನ್ಯಾಯಾಧೀಶರು ಹೇಳಿದರು. ನಗರದ ಮೆಟ್ರಿಕ್ ನಂತರದ ಬಾಲಕರ ವಸತಿ ನಿಲಯದಲ್ಲಿ ತಾಲೂಕು ಕಾನೂನು ಸೇವಾ ಸಮಿತಿ ಹಾಗೂ ವಕೀಲರ ಸಂಘದ ಸಹಯೋಗದಲ್ಲಿ ಹಮ್ಮಿಕೊಂಡಿದ್ದ ಕಾನೂನು ಅರಿವು-ನೆರವು ಕಾರ್ಯಕ್ರಮ ಉದ್ಘಾಟಿಸಿ ಮಾತನಾಡಿದರು. ಕಾರ್ಯಕ್ರಮದಲ್ಲಿ ನಿಲಯ ಪಾಲಕರು, ವಕೀಲರು ಹಾಗೂ ವಿದ್ಯಾರ್ಥಿಗಳು ಭಾಗವಹಿಸಿದ್ದರು.
ವಿಶ್ವ ಸಾಮಾಜಿಕ ನ್ಯಾಯ ದಿನವನ್ನು ಎಲ್ಲಾ ಮನುಷ್ಯರು ಒಂದೇ ಎಲ್ಲರಿಗೂ ಸಮಾನ ಹಕ್ಕುಗಳು ಎಂಬುದನ್ನು ಪ್ರತಿಪಾದಿಸುತ್ತದೆ ಎಂದು ಹಿರಿಯ ಸಿವಿಲ್ ನ್ಯಾಯಾಧೀಶರು ಹೇಳಿದರು. ನಗರದ ಮೆಟ್ರಿಕ್ ನಂತರದ ಬಾಲಕರ ವಸತಿ ನಿಲಯದಲ್ಲಿ ತಾಲೂಕು ಕಾನೂನು ಸೇವಾ ಸಮಿತಿ ಹಾಗೂ ವಕೀಲರ ಸಂಘದ ಸಹಯೋಗದಲ್ಲಿ ಹಮ್ಮಿಕೊಂಡಿದ್ದ ಕಾನೂನು ಅರಿವು-ನೆರವು ಕಾರ್ಯಕ್ರಮ ಉದ್ಘಾಟಿಸಿ ಮಾತನಾಡಿದರು. ಕಾರ್ಯಕ್ರಮದಲ್ಲಿ ನಿಲಯ ಪಾಲಕರು, ವಕೀಲರು ಹಾಗೂ ವಿದ್ಯಾರ್ಥಿಗಳು ಭಾಗವಹಿಸಿದ್ದರು.
ವಿಶ್ವ ಸಾಮಾಜಿಕ ನ್ಯಾಯ ದಿನವನ್ನು ಎಲ್ಲಾ ಮನುಷ್ಯರು ಒಂದೇ ಎಲ್ಲರಿಗೂ ಸಮಾನ ಹಕ್ಕುಗಳು ಎಂಬುದನ್ನು ಪ್ರತಿಪಾದಿಸುತ್ತದೆ ಎಂದು ಹಿರಿಯ ಸಿವಿಲ್ ನ್ಯಾಯಾಧೀಶರು ಹೇಳಿದರು. ನಗರದ ಮೆಟ್ರಿಕ್ ನಂತರದ ಬಾಲಕರ ವಸತಿ ನಿಲಯದಲ್ಲಿ ತಾಲೂಕು ಕಾನೂನು ಸೇವಾ ಸಮಿತಿ ಹಾಗೂ ವಕೀಲರ ಸಂಘದ ಸಹಯೋಗದಲ್ಲಿ ಹಮ್ಮಿಕೊಂಡಿದ್ದ ಕಾನೂನು ಅರಿವು-ನೆರವು ಕಾರ್ಯಕ್ರಮ ಉದ್ಘಾಟಿಸಿ ಮಾತನಾಡಿದರು. ಕಾರ್ಯಕ್ರಮದಲ್ಲಿ ನಿಲಯ ಪಾಲಕರು, ವಕೀಲರು ಹಾಗೂ ವಿದ್ಯಾರ್ಥಿಗಳು ಭಾಗವಹಿಸಿದ್ದರು.
ವಿಶ್ವ ಸಾಮಾಜಿಕ ನ್ಯಾಯ ದಿನವನ್ನು ಎಲ್ಲಾ ಮನುಷ್ಯರು ಒಂದೇ ಎಲ್ಲರಿಗೂ ಸಮಾನ ಹಕ್ಕುಗಳು ಎಂಬುದನ್ನು ಪ್ರತಿಪಾದಿಸುತ್ತದೆ ಎಂದು ಹಿರಿಯ ಸಿವಿಲ್ ನ್ಯಾಯಾಧೀಶರು ಹೇಳಿದರು. ನಗರದ ಮೆಟ್ರಿಕ್ ನಂತರದ ಬಾಲಕರ ವಸತಿ ನಿಲಯದಲ್ಲಿ ತಾಲೂಕು ಕಾನೂನು ಸೇವಾ ಸಮಿತಿ ಹಾಗೂ ವಕೀಲರ ಸಂಘದ ಸಹಯೋಗದಲ್ಲಿ ಹಮ್ಮಿಕೊಂಡಿದ್ದ ಕಾನೂನು ಅರಿವು-ನೆರವು ಕಾರ್ಯಕ್ರಮ ಉದ್ಘಾಟಿಸಿ ಮಾತನಾಡಿದರು. ಕಾರ್ಯಕ್ರಮದಲ್ಲಿ ನಿಲಯ ಪಾಲಕರು, ವಕೀಲರು ಹಾಗೂ ವಿದ್ಯಾರ್ಥಿಗಳು ಭಾಗವಹಿಸಿದ್ದರು.
